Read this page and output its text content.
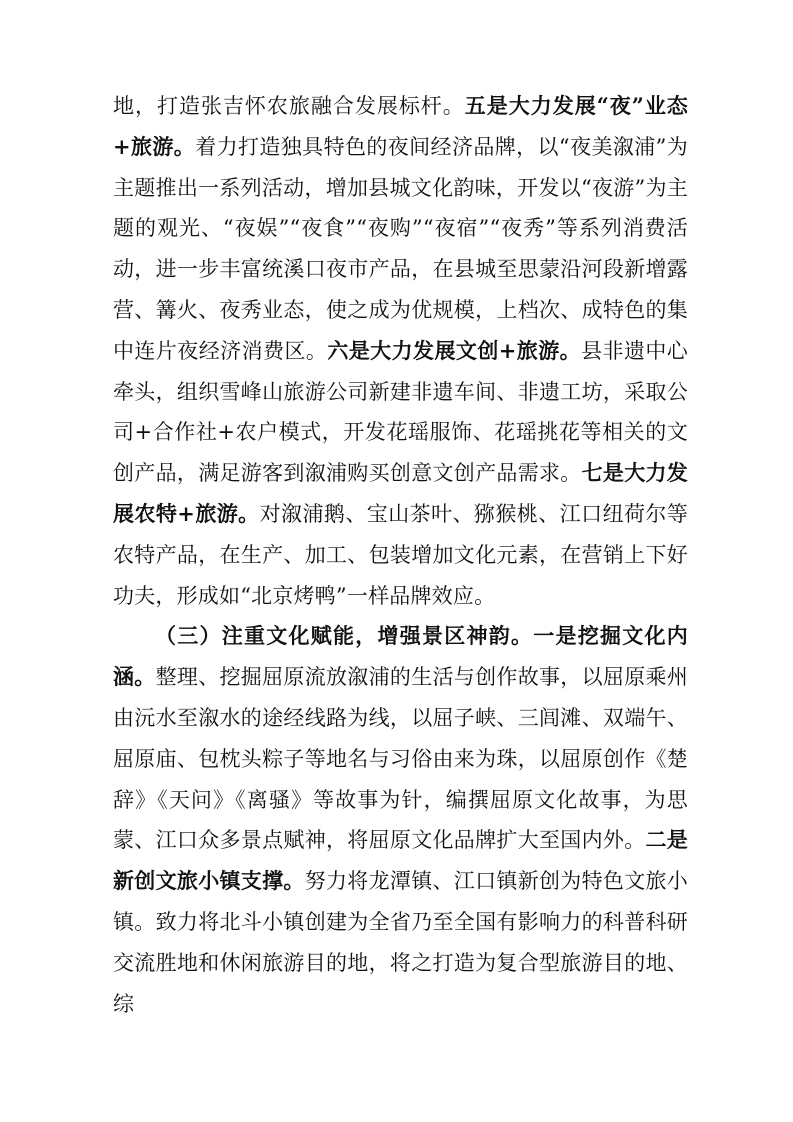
地，打造张吉怀农旅融合发展标杆。五是大力发展“夜”业态+旅游。着力打造独具特色的夜间经济品牌，以“夜美溆浦”为主题推出一系列活动，增加县城文化韵味，开发以“夜游”为主题的观光、“夜娱”“夜食”“夜购”“夜宿”“夜秀”等系列消费活动，进一步丰富统溪口夜市产品，在县城至思蒙沿河段新增露营、篝火、夜秀业态，使之成为优规模，上档次、成特色的集中连片夜经济消费区。六是大力发展文创+旅游。县非遗中心牵头，组织雪峰山旅游公司新建非遗车间、非遗工坊，采取公司+合作社+农户模式，开发花瑶服饰、花瑶挑花等相关的文创产品，满足游客到溆浦购买创意文创产品需求。七是大力发展农特+旅游。对溆浦鹅、宝山茶叶、猕猴桃、江口纽荷尔等农特产品，在生产、加工、包装增加文化元素，在营销上下好功夫，形成如“北京烤鸭”一样品牌效应。

（三）注重文化赋能，增强景区神韵。一是挖掘文化内涵。整理、挖掘屈原流放溆浦的生活与创作故事，以屈原乘州由沅水至溆水的途经线路为线，以屈子峡、三闾滩、双端午、屈原庙、包枕头粽子等地名与习俗由来为珠，以屈原创作《楚辞》《天问》《离骚》等故事为针，编撰屈原文化故事，为思蒙、江口众多景点赋神，将屈原文化品牌扩大至国内外。二是新创文旅小镇支撑。努力将龙潭镇、江口镇新创为特色文旅小镇。致力将北斗小镇创建为全省乃至全国有影响力的科普科研交流胜地和休闲旅游目的地，将之打造为复合型旅游目的地、综
